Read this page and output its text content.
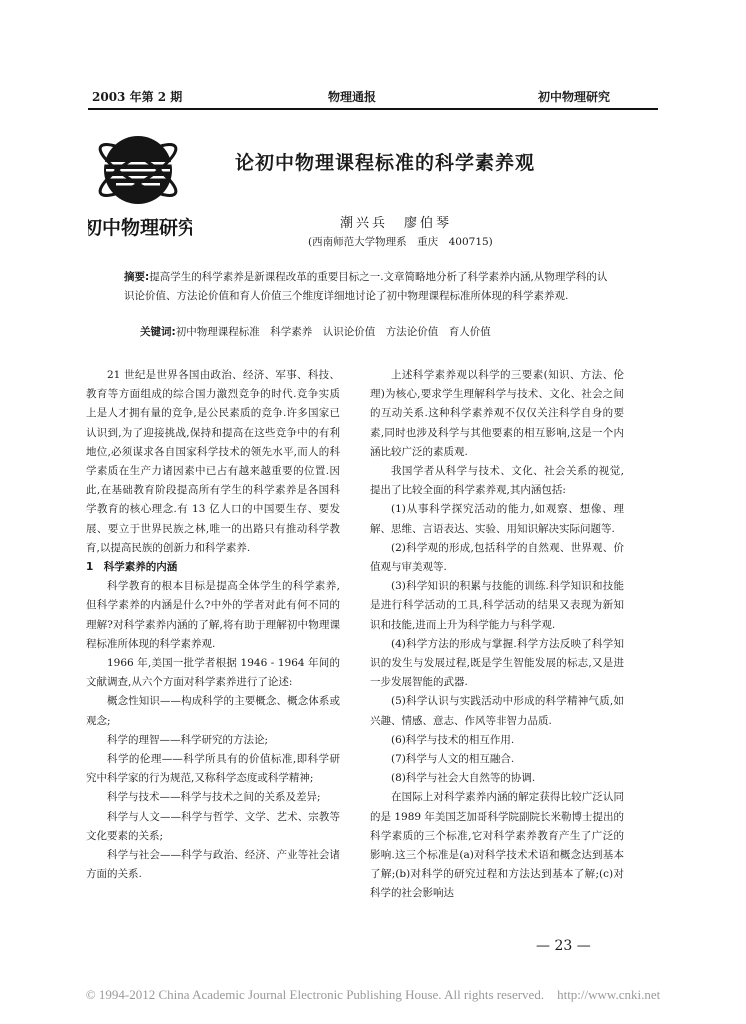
2003 年第 2 期	物理通报	初中物理研究
初中物理研究
论初中物理课程标准的科学素养观
潮兴兵　廖伯琴
(西南师范大学物理系　重庆　400715)
摘要:提高学生的科学素养是新课程改革的重要目标之一.文章简略地分析了科学素养内涵,从物理学科的认识论价值、方法论价值和育人价值三个维度详细地讨论了初中物理课程标准所体现的科学素养观.
关键词:初中物理课程标准　科学素养　认识论价值　方法论价值　育人价值

21 世纪是世界各国由政治、经济、军事、科技、教育等方面组成的综合国力激烈竞争的时代.竞争实质上是人才拥有量的竞争,是公民素质的竞争.许多国家已认识到,为了迎接挑战,保持和提高在这些竞争中的有利地位,必须谋求各自国家科学技术的领先水平,而人的科学素质在生产力诸因素中已占有越来越重要的位置.因此,在基础教育阶段提高所有学生的科学素养是各国科学教育的核心理念.有 13 亿人口的中国要生存、要发展、要立于世界民族之林,唯一的出路只有推动科学教育,以提高民族的创新力和科学素养.

1　科学素养的内涵

科学教育的根本目标是提高全体学生的科学素养,但科学素养的内涵是什么?中外的学者对此有何不同的理解?对科学素养内涵的了解,将有助于理解初中物理课程标准所体现的科学素养观.

1966 年,美国一批学者根据 1946 - 1964 年间的文献调查,从六个方面对科学素养进行了论述:

概念性知识——构成科学的主要概念、概念体系或观念;

科学的理智——科学研究的方法论;

科学的伦理——科学所具有的价值标准,即科学研究中科学家的行为规范,又称科学态度或科学精神;

科学与技术——科学与技术之间的关系及差异;

科学与人文——科学与哲学、文学、艺术、宗教等文化要素的关系;

科学与社会——科学与政治、经济、产业等社会诸方面的关系.

上述科学素养观以科学的三要素(知识、方法、伦理)为核心,要求学生理解科学与技术、文化、社会之间的互动关系.这种科学素养观不仅仅关注科学自身的要素,同时也涉及科学与其他要素的相互影响,这是一个内涵比较广泛的素质观.

我国学者从科学与技术、文化、社会关系的视觉,提出了比较全面的科学素养观,其内涵包括:

(1)从事科学探究活动的能力,如观察、想像、理解、思维、言语表达、实验、用知识解决实际问题等.

(2)科学观的形成,包括科学的自然观、世界观、价值观与审美观等.

(3)科学知识的积累与技能的训练.科学知识和技能是进行科学活动的工具,科学活动的结果又表现为新知识和技能,进而上升为科学能力与科学观.

(4)科学方法的形成与掌握.科学方法反映了科学知识的发生与发展过程,既是学生智能发展的标志,又是进一步发展智能的武器.

(5)科学认识与实践活动中形成的科学精神气质,如兴趣、情感、意志、作风等非智力品质.

(6)科学与技术的相互作用.

(7)科学与人文的相互融合.

(8)科学与社会大自然等的协调.

在国际上对科学素养内涵的解定获得比较广泛认同的是 1989 年美国芝加哥科学院副院长米勒博士提出的科学素质的三个标准,它对科学素养教育产生了广泛的影响.这三个标准是(a)对科学技术术语和概念达到基本了解;(b)对科学的研究过程和方法达到基本了解;(c)对科学的社会影响达

— 23 —
© 1994-2012 China Academic Journal Electronic Publishing House. All rights reserved.　http://www.cnki.net
